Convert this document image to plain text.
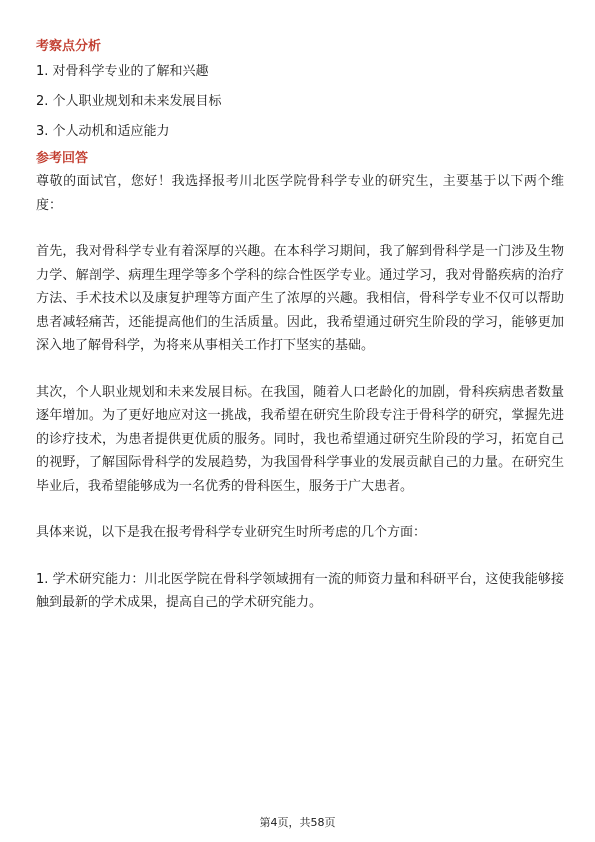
考察点分析

1. 对骨科学专业的了解和兴趣

2. 个人职业规划和未来发展目标

3. 个人动机和适应能力

参考回答

尊敬的面试官，您好！我选择报考川北医学院骨科学专业的研究生，主要基于以下两个维度：

首先，我对骨科学专业有着深厚的兴趣。在本科学习期间，我了解到骨科学是一门涉及生物力学、解剖学、病理生理学等多个学科的综合性医学专业。通过学习，我对骨骼疾病的治疗方法、手术技术以及康复护理等方面产生了浓厚的兴趣。我相信，骨科学专业不仅可以帮助患者减轻痛苦，还能提高他们的生活质量。因此，我希望通过研究生阶段的学习，能够更加深入地了解骨科学，为将来从事相关工作打下坚实的基础。

其次，个人职业规划和未来发展目标。在我国，随着人口老龄化的加剧，骨科疾病患者数量逐年增加。为了更好地应对这一挑战，我希望在研究生阶段专注于骨科学的研究，掌握先进的诊疗技术，为患者提供更优质的服务。同时，我也希望通过研究生阶段的学习，拓宽自己的视野，了解国际骨科学的发展趋势，为我国骨科学事业的发展贡献自己的力量。在研究生毕业后，我希望能够成为一名优秀的骨科医生，服务于广大患者。

具体来说，以下是我在报考骨科学专业研究生时所考虑的几个方面：

1. 学术研究能力：川北医学院在骨科学领域拥有一流的师资力量和科研平台，这使我能够接触到最新的学术成果，提高自己的学术研究能力。

第4页，共58页
